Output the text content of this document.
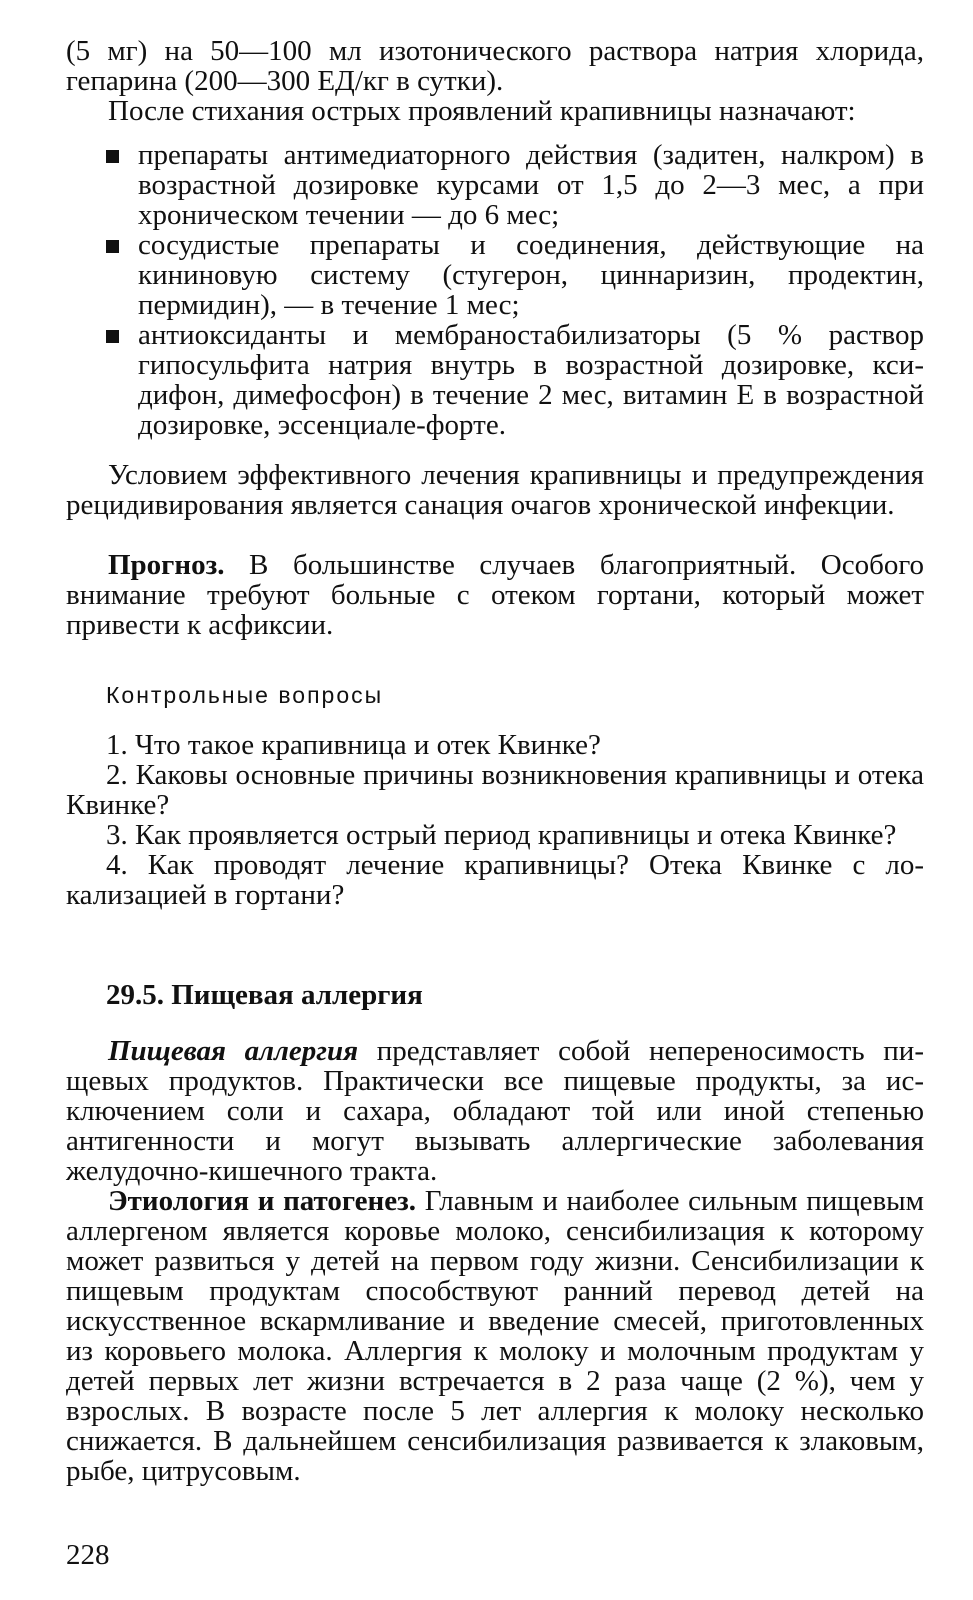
(5 мг) на 50—100 мл изотонического раствора натрия хлорида, гепарина (200—300 ЕД/кг в сутки).
После стихания острых проявлений крапивницы назначают:
препараты антимедиаторного действия (задитен, налкром) в возрастной дозировке курсами от 1,5 до 2—3 мес, а при хроническом течении — до 6 мес;
сосудистые препараты и соединения, действующие на кининовую систему (стугерон, циннаризин, продектин, пермидин), — в течение 1 мес;
антиоксиданты и мембраностабилизаторы (5 % раствор гипосульфита натрия внутрь в возрастной дозировке, ксидифон, димефосфон) в течение 2 мес, витамин Е в возрастной дозировке, эссенциале-форте.
Условием эффективного лечения крапивницы и предупреждения рецидивирования является санация очагов хронической инфекции.
Прогноз. В большинстве случаев благоприятный. Особого внимание требуют больные с отеком гортани, который может привести к асфиксии.
Контрольные вопросы

1. Что такое крапивница и отек Квинке?

2. Каковы основные причины возникновения крапивницы и отека Квинке?

3. Как проявляется острый период крапивницы и отека Квинке?

4. Как проводят лечение крапивницы? Отека Квинке с локализацией в гортани?

29.5. Пищевая аллергия
Пищевая аллергия представляет собой непереносимость пищевых продуктов. Практически все пищевые продукты, за исключением соли и сахара, обладают той или иной степенью антигенности и могут вызывать аллергические заболевания желудочно-кишечного тракта.
Этиология и патогенез. Главным и наиболее сильным пищевым аллергеном является коровье молоко, сенсибилизация к которому может развиться у детей на первом году жизни. Сенсибилизации к пищевым продуктам способствуют ранний перевод детей на искусственное вскармливание и введение смесей, приготовленных из коровьего молока. Аллергия к молоку и молочным продуктам у детей первых лет жизни встречается в 2 раза чаще (2 %), чем у взрослых. В возрасте после 5 лет аллергия к молоку несколько снижается. В дальнейшем сенсибилизация развивается к злаковым, рыбе, цитрусовым.
228
